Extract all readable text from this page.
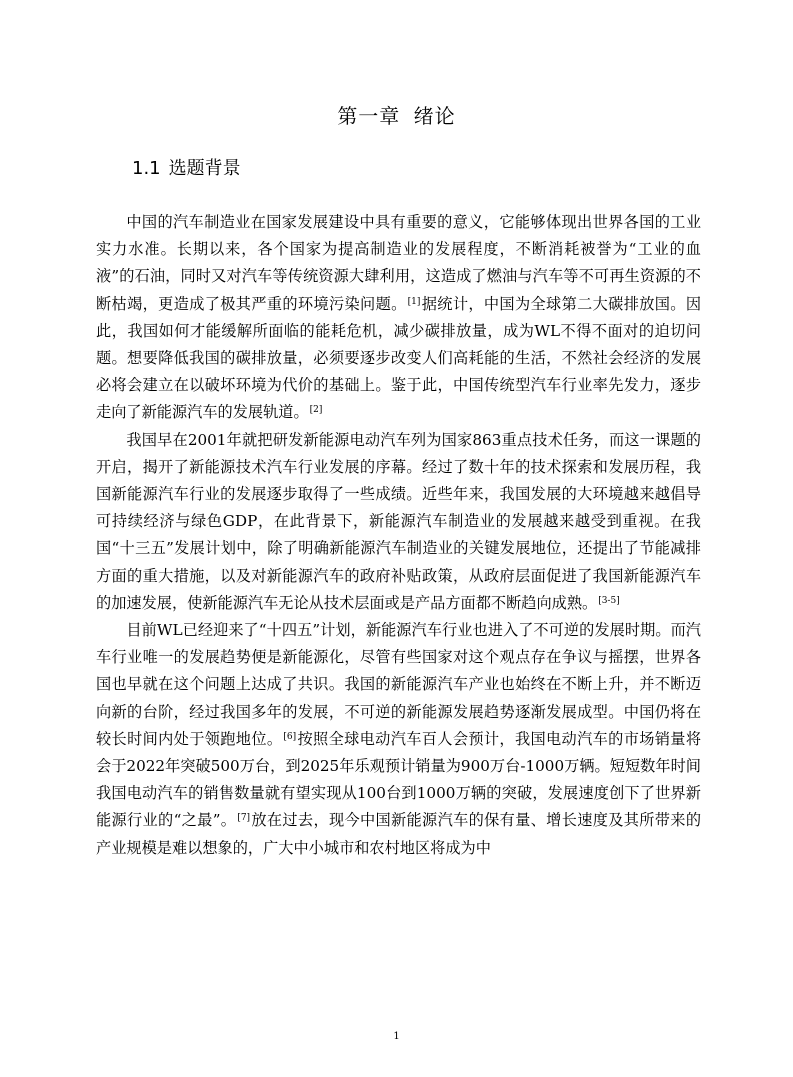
第一章 绪论
1.1 选题背景

中国的汽车制造业在国家发展建设中具有重要的意义，它能够体现出世界各国的工业实力水准。长期以来，各个国家为提高制造业的发展程度，不断消耗被誉为“工业的血液”的石油，同时又对汽车等传统资源大肆利用，这造成了燃油与汽车等不可再生资源的不断枯竭，更造成了极其严重的环境污染问题。[1]据统计，中国为全球第二大碳排放国。因此，我国如何才能缓解所面临的能耗危机，减少碳排放量，成为WL不得不面对的迫切问题。想要降低我国的碳排放量，必须要逐步改变人们高耗能的生活，不然社会经济的发展必将会建立在以破坏环境为代价的基础上。鉴于此，中国传统型汽车行业率先发力，逐步走向了新能源汽车的发展轨道。[2]

我国早在2001年就把研发新能源电动汽车列为国家863重点技术任务，而这一课题的开启，揭开了新能源技术汽车行业发展的序幕。经过了数十年的技术探索和发展历程，我国新能源汽车行业的发展逐步取得了一些成绩。近些年来，我国发展的大环境越来越倡导可持续经济与绿色GDP，在此背景下，新能源汽车制造业的发展越来越受到重视。在我国“十三五”发展计划中，除了明确新能源汽车制造业的关键发展地位，还提出了节能减排方面的重大措施，以及对新能源汽车的政府补贴政策，从政府层面促进了我国新能源汽车的加速发展，使新能源汽车无论从技术层面或是产品方面都不断趋向成熟。[3-5]

目前WL已经迎来了“十四五”计划，新能源汽车行业也进入了不可逆的发展时期。而汽车行业唯一的发展趋势便是新能源化，尽管有些国家对这个观点存在争议与摇摆，世界各国也早就在这个问题上达成了共识。我国的新能源汽车产业也始终在不断上升，并不断迈向新的台阶，经过我国多年的发展，不可逆的新能源发展趋势逐渐发展成型。中国仍将在较长时间内处于领跑地位。[6]按照全球电动汽车百人会预计，我国电动汽车的市场销量将会于2022年突破500万台，到2025年乐观预计销量为900万台-1000万辆。短短数年时间我国电动汽车的销售数量就有望实现从100台到1000万辆的突破，发展速度创下了世界新能源行业的“之最”。[7]放在过去，现今中国新能源汽车的保有量、增长速度及其所带来的产业规模是难以想象的，广大中小城市和农村地区将成为中

1
